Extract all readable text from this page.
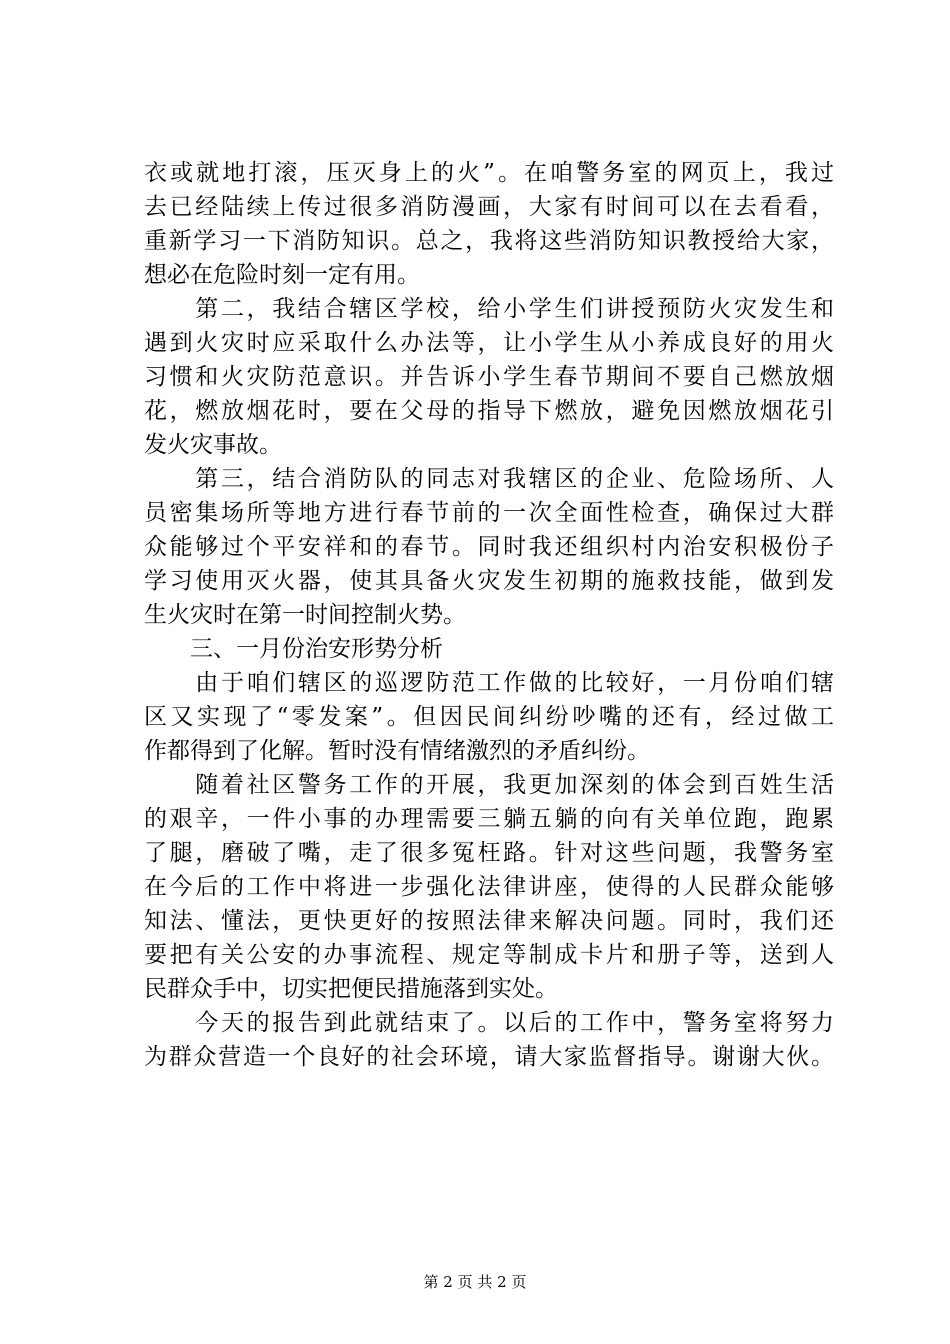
衣或就地打滚，压灭身上的火”。在咱警务室的网页上，我过
去已经陆续上传过很多消防漫画，大家有时间可以在去看看，
重新学习一下消防知识。总之，我将这些消防知识教授给大家，
想必在危险时刻一定有用。
　　第二，我结合辖区学校，给小学生们讲授预防火灾发生和
遇到火灾时应采取什么办法等，让小学生从小养成良好的用火
习惯和火灾防范意识。并告诉小学生春节期间不要自己燃放烟
花，燃放烟花时，要在父母的指导下燃放，避免因燃放烟花引
发火灾事故。
　　第三，结合消防队的同志对我辖区的企业、危险场所、人
员密集场所等地方进行春节前的一次全面性检查，确保过大群
众能够过个平安祥和的春节。同时我还组织村内治安积极份子
学习使用灭火器，使其具备火灾发生初期的施救技能，做到发
生火灾时在第一时间控制火势。
　　三、一月份治安形势分析
　　由于咱们辖区的巡逻防范工作做的比较好，一月份咱们辖
区又实现了“零发案”。但因民间纠纷吵嘴的还有，经过做工
作都得到了化解。暂时没有情绪激烈的矛盾纠纷。
　　随着社区警务工作的开展，我更加深刻的体会到百姓生活
的艰辛，一件小事的办理需要三躺五躺的向有关单位跑，跑累
了腿，磨破了嘴，走了很多冤枉路。针对这些问题，我警务室
在今后的工作中将进一步强化法律讲座，使得的人民群众能够
知法、懂法，更快更好的按照法律来解决问题。同时，我们还
要把有关公安的办事流程、规定等制成卡片和册子等，送到人
民群众手中，切实把便民措施落到实处。
　　今天的报告到此就结束了。以后的工作中，警务室将努力
为群众营造一个良好的社会环境，请大家监督指导。谢谢大伙。
第 2 页 共 2 页
